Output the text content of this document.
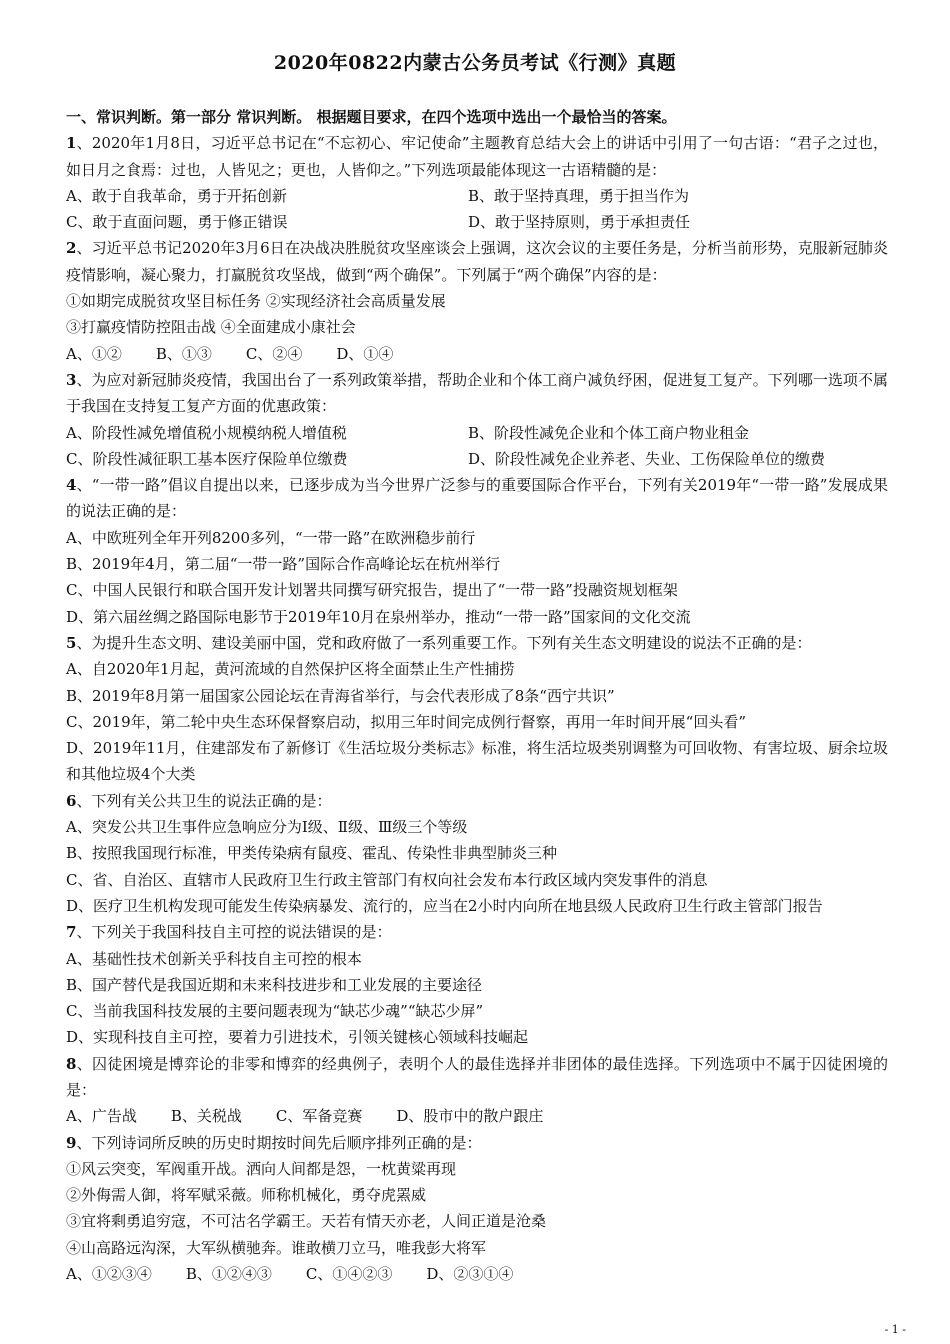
2020年0822内蒙古公务员考试《行测》真题
一、常识判断。第一部分 常识判断。 根据题目要求，在四个选项中选出一个最恰当的答案。
1、2020年1月8日，习近平总书记在“不忘初心、牢记使命”主题教育总结大会上的讲话中引用了一句古语：“君子之过也，如日月之食焉：过也，人皆见之；更也，人皆仰之。”下列选项最能体现这一古语精髓的是：
A、敢于自我革命，勇于开拓创新	B、敢于坚持真理，勇于担当作为
C、敢于直面问题，勇于修正错误	D、敢于坚持原则，勇于承担责任
2、习近平总书记2020年3月6日在决战决胜脱贫攻坚座谈会上强调，这次会议的主要任务是，分析当前形势，克服新冠肺炎疫情影响，凝心聚力，打赢脱贫攻坚战，做到“两个确保”。下列属于“两个确保”内容的是：
①如期完成脱贫攻坚目标任务 ②实现经济社会高质量发展
③打赢疫情防控阻击战 ④全面建成小康社会
A、①② B、①③ C、②④ D、①④
3、为应对新冠肺炎疫情，我国出台了一系列政策举措，帮助企业和个体工商户减负纾困，促进复工复产。下列哪一选项不属于我国在支持复工复产方面的优惠政策：
A、阶段性减免增值税小规模纳税人增值税	B、阶段性减免企业和个体工商户物业租金
C、阶段性减征职工基本医疗保险单位缴费	D、阶段性减免企业养老、失业、工伤保险单位的缴费
4、“一带一路”倡议自提出以来，已逐步成为当今世界广泛参与的重要国际合作平台，下列有关2019年“一带一路”发展成果的说法正确的是：
A、中欧班列全年开列8200多列，“一带一路”在欧洲稳步前行
B、2019年4月，第二届“一带一路”国际合作高峰论坛在杭州举行
C、中国人民银行和联合国开发计划署共同撰写研究报告，提出了“一带一路”投融资规划框架
D、第六届丝绸之路国际电影节于2019年10月在泉州举办，推动“一带一路”国家间的文化交流
5、为提升生态文明、建设美丽中国，党和政府做了一系列重要工作。下列有关生态文明建设的说法不正确的是：
A、自2020年1月起，黄河流域的自然保护区将全面禁止生产性捕捞
B、2019年8月第一届国家公园论坛在青海省举行，与会代表形成了8条“西宁共识”
C、2019年，第二轮中央生态环保督察启动，拟用三年时间完成例行督察，再用一年时间开展“回头看”
D、2019年11月，住建部发布了新修订《生活垃圾分类标志》标准，将生活垃圾类别调整为可回收物、有害垃圾、厨余垃圾和其他垃圾4个大类
6、下列有关公共卫生的说法正确的是：
A、突发公共卫生事件应急响应分为Ⅰ级、Ⅱ级、Ⅲ级三个等级
B、按照我国现行标准，甲类传染病有鼠疫、霍乱、传染性非典型肺炎三种
C、省、自治区、直辖市人民政府卫生行政主管部门有权向社会发布本行政区域内突发事件的消息
D、医疗卫生机构发现可能发生传染病暴发、流行的，应当在2小时内向所在地县级人民政府卫生行政主管部门报告
7、下列关于我国科技自主可控的说法错误的是：
A、基础性技术创新关乎科技自主可控的根本
B、国产替代是我国近期和未来科技进步和工业发展的主要途径
C、当前我国科技发展的主要问题表现为“缺芯少魂”“缺芯少屏”
D、实现科技自主可控，要着力引进技术，引领关键核心领域科技崛起
8、囚徒困境是博弈论的非零和博弈的经典例子，表明个人的最佳选择并非团体的最佳选择。下列选项中不属于囚徒困境的是：
A、广告战 B、关税战 C、军备竞赛 D、股市中的散户跟庄
9、下列诗词所反映的历史时期按时间先后顺序排列正确的是：
①风云突变，军阀重开战。洒向人间都是怨，一枕黄粱再现
②外侮需人御，将军赋采薇。师称机械化，勇夺虎罴威
③宜将剩勇追穷寇，不可沽名学霸王。天若有情天亦老，人间正道是沧桑
④山高路远沟深，大军纵横驰奔。谁敢横刀立马，唯我彭大将军
A、①②③④ B、①②④③ C、①④②③ D、②③①④
- 1 -
